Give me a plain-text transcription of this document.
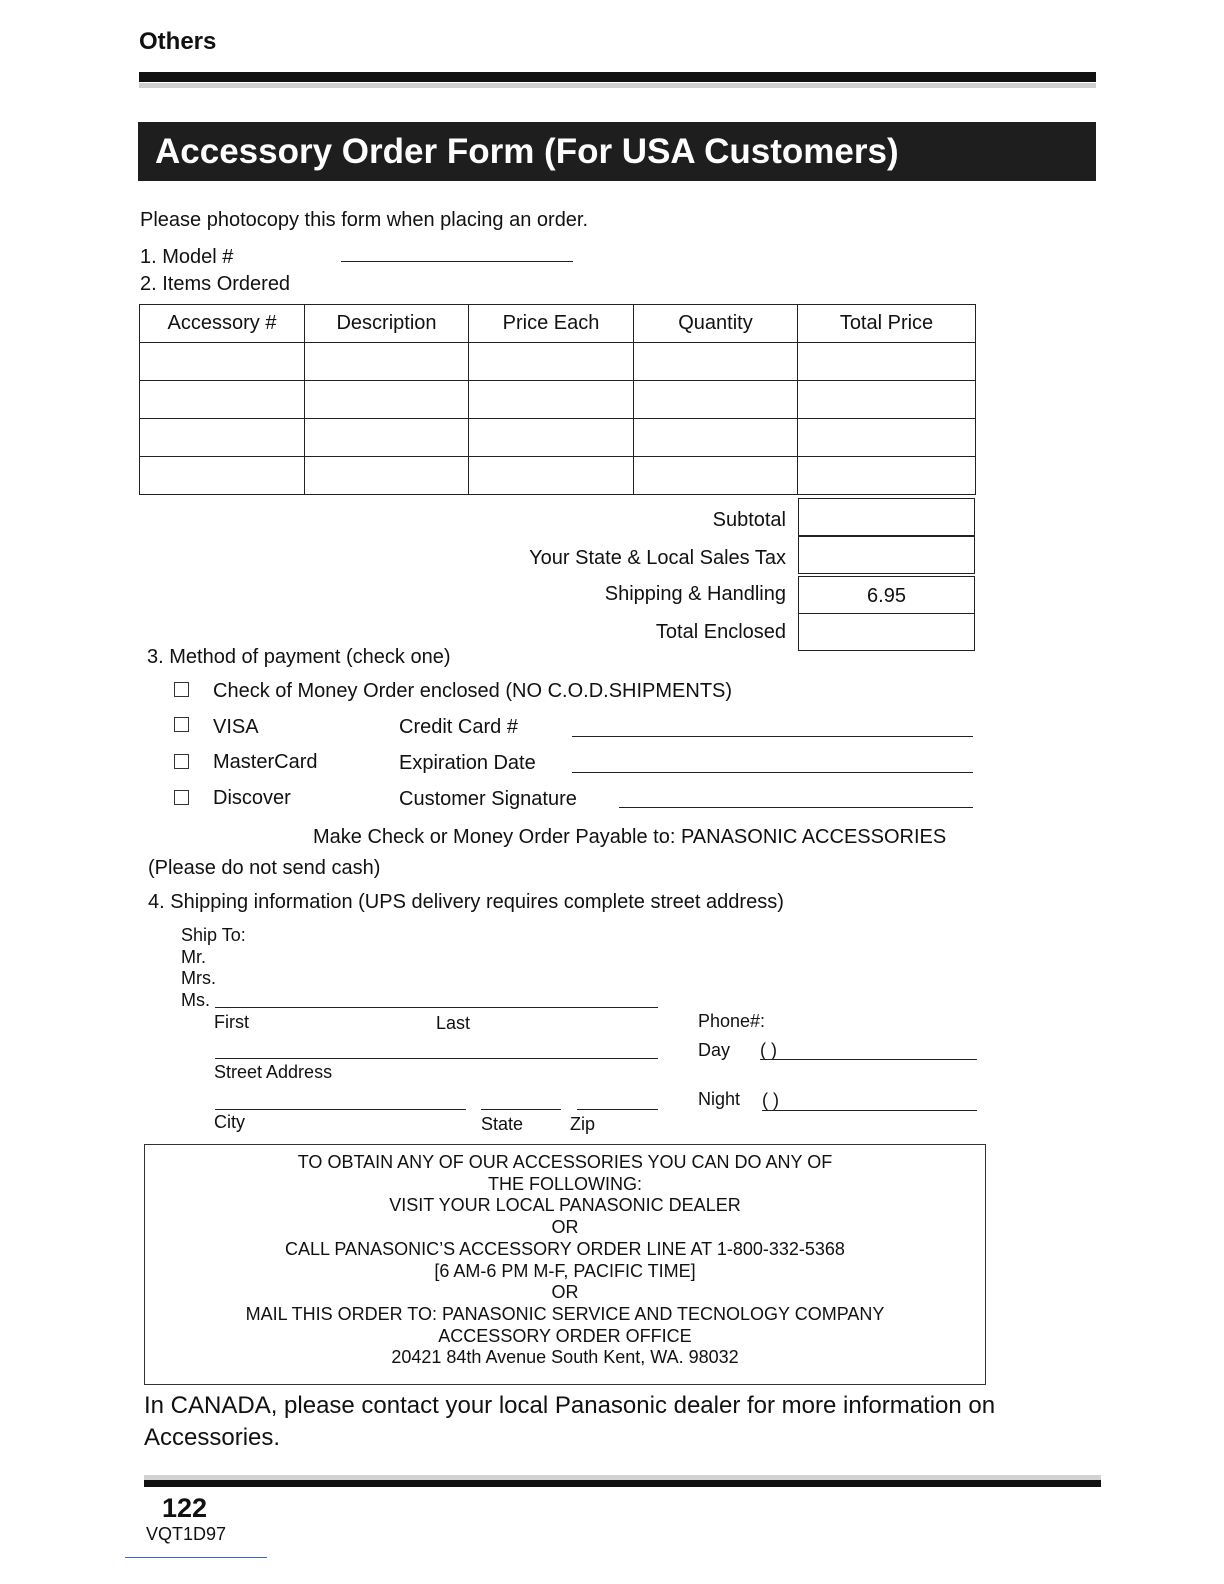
Others
Accessory Order Form (For USA Customers)
Please photocopy this form when placing an order.
1. Model #
2. Items Ordered
Accessory #	Description	Price Each	Quantity	Total Price

Subtotal
Your State & Local Sales Tax
Shipping & Handling	6.95
Total Enclosed
3. Method of payment (check one)
Check of Money Order enclosed (NO C.O.D.SHIPMENTS)
VISA	Credit Card #
MasterCard	Expiration Date
Discover	Customer Signature
Make Check or Money Order Payable to: PANASONIC ACCESSORIES
(Please do not send cash)
4. Shipping information (UPS delivery requires complete street address)
Ship To:
Mr.
Mrs.
Ms.
First	Last
Street Address
City	State	Zip
Phone#:
Day ( )
Night ( )
TO OBTAIN ANY OF OUR ACCESSORIES YOU CAN DO ANY OF
THE FOLLOWING:
VISIT YOUR LOCAL PANASONIC DEALER
OR
CALL PANASONIC’S ACCESSORY ORDER LINE AT 1-800-332-5368
[6 AM-6 PM M-F, PACIFIC TIME]
OR
MAIL THIS ORDER TO: PANASONIC SERVICE AND TECNOLOGY COMPANY
ACCESSORY ORDER OFFICE
20421 84th Avenue South Kent, WA. 98032
In CANADA, please contact your local Panasonic dealer for more information on Accessories.
122
VQT1D97
